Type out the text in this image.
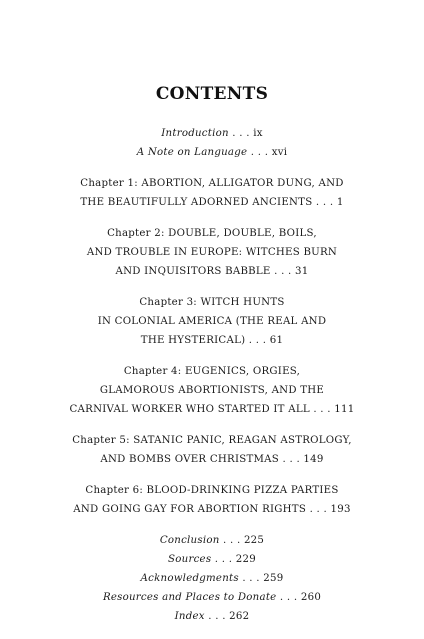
CONTENTS
Introduction . . . ix
A Note on Language . . . xvi
Chapter 1: ABORTION, ALLIGATOR DUNG, AND
THE BEAUTIFULLY ADORNED ANCIENTS . . . 1
Chapter 2: DOUBLE, DOUBLE, BOILS,
AND TROUBLE IN EUROPE: WITCHES BURN
AND INQUISITORS BABBLE . . . 31
Chapter 3: WITCH HUNTS
IN COLONIAL AMERICA (THE REAL AND
THE HYSTERICAL) . . . 61
Chapter 4: EUGENICS, ORGIES,
GLAMOROUS ABORTIONISTS, AND THE
CARNIVAL WORKER WHO STARTED IT ALL . . . 111
Chapter 5: SATANIC PANIC, REAGAN ASTROLOGY,
AND BOMBS OVER CHRISTMAS . . . 149
Chapter 6: BLOOD-DRINKING PIZZA PARTIES
AND GOING GAY FOR ABORTION RIGHTS . . . 193
Conclusion . . . 225
Sources . . . 229
Acknowledgments . . . 259
Resources and Places to Donate . . . 260
Index . . . 262
